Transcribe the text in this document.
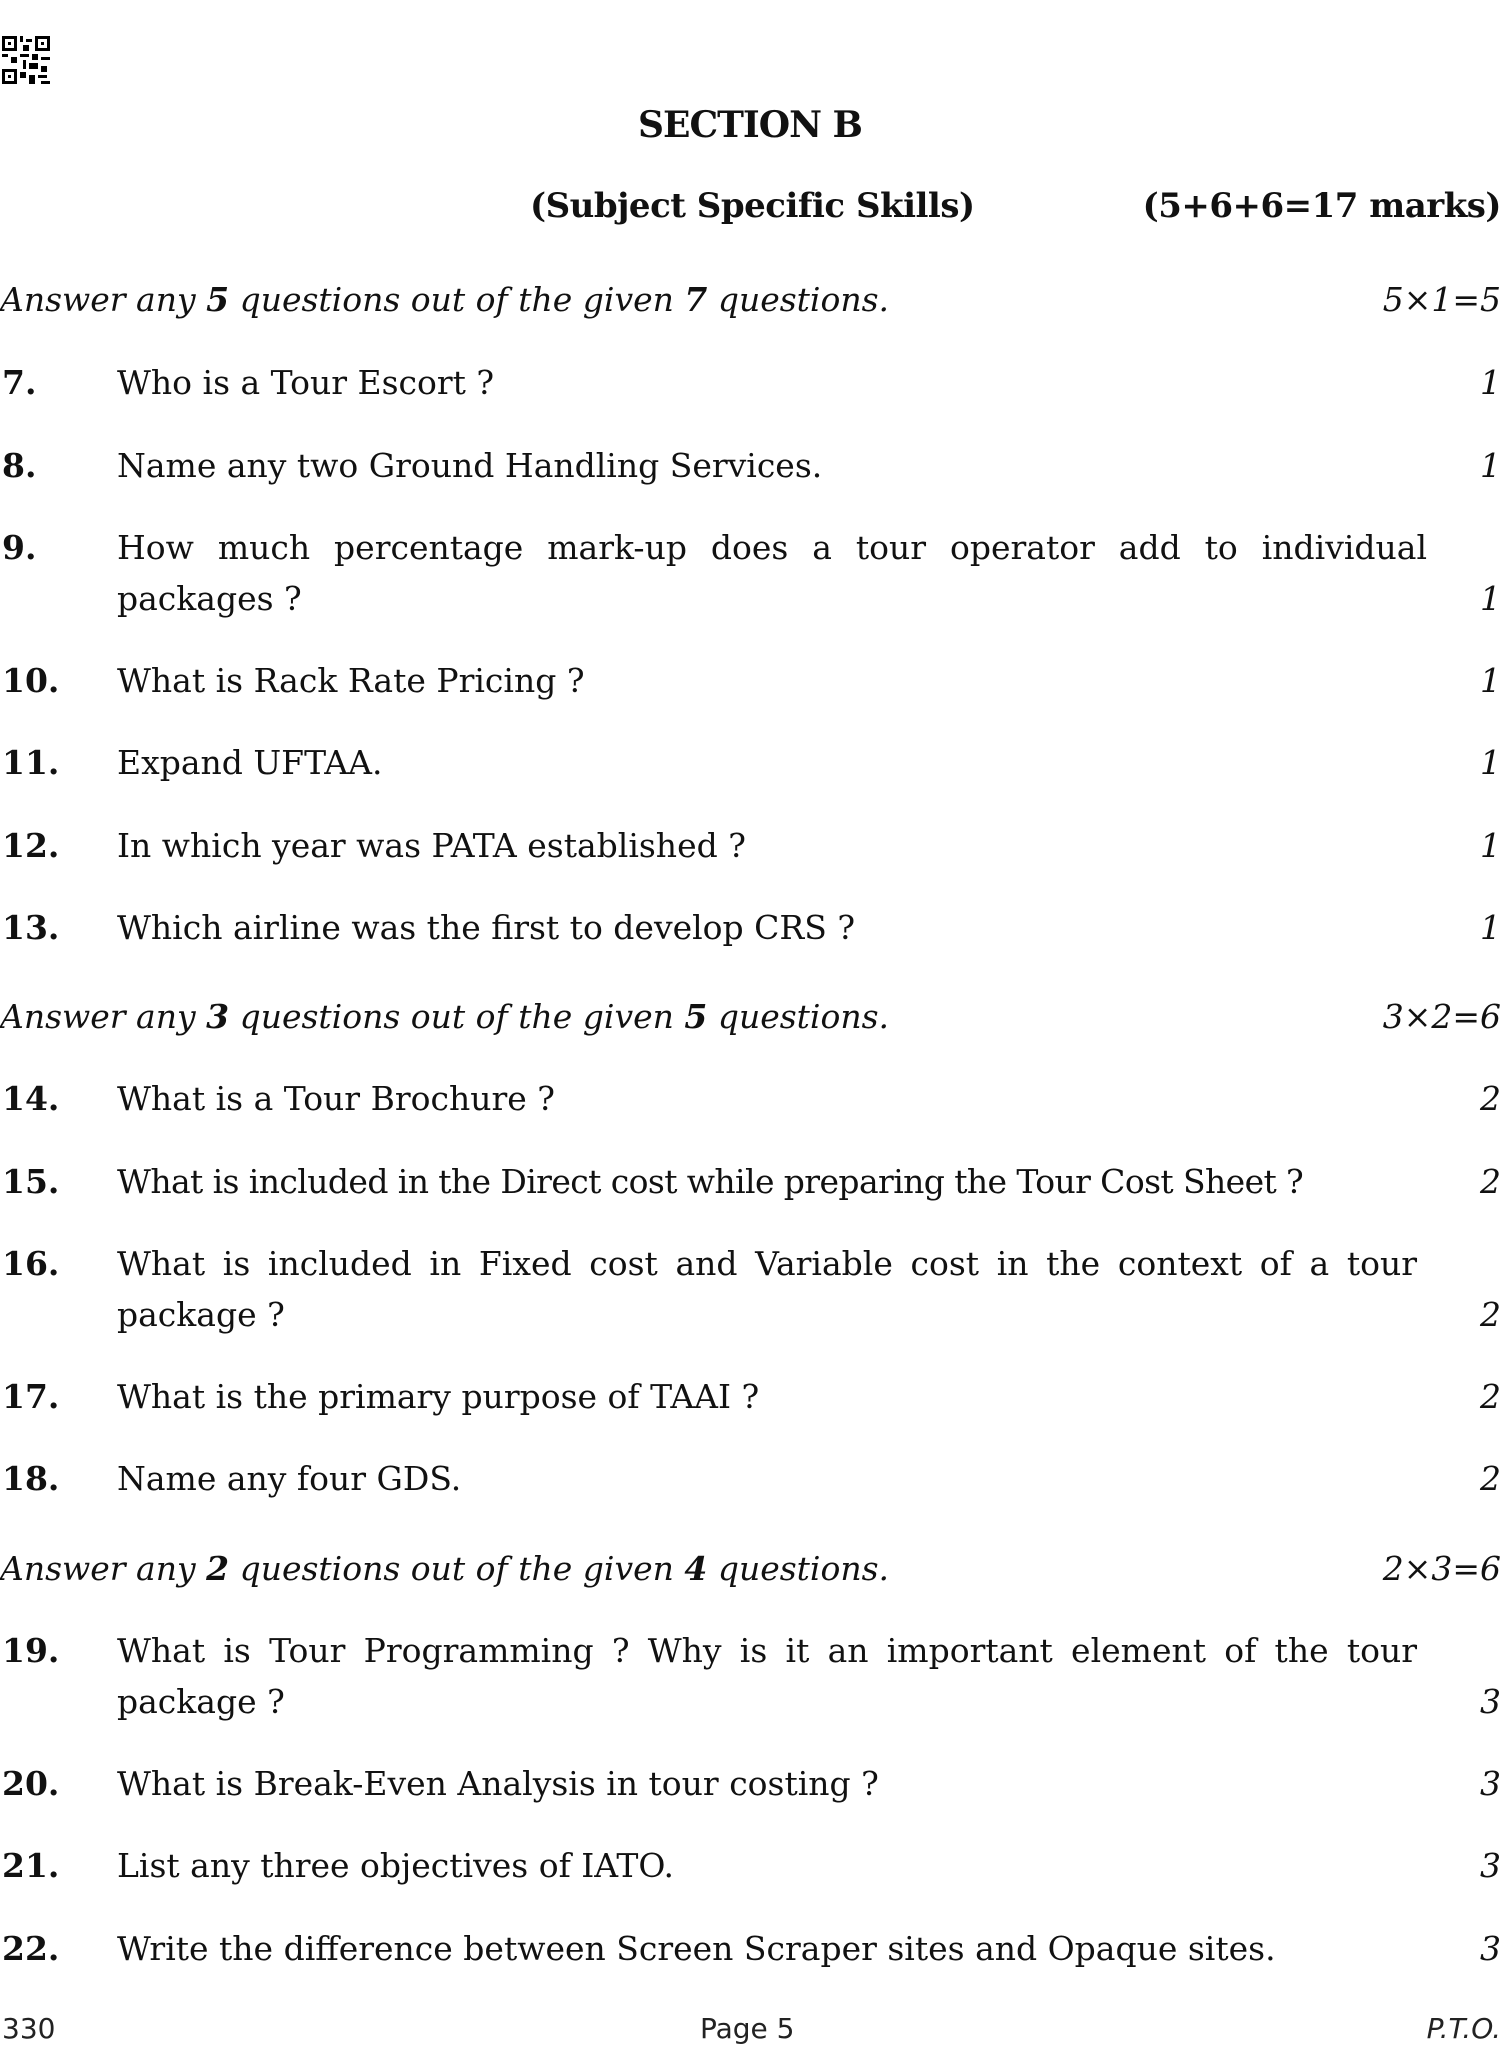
SECTION B
(Subject Specific Skills)	(5+6+6=17 marks)
Answer any 5 questions out of the given 7 questions.	5×1=5
7. Who is a Tour Escort ?	1
8. Name any two Ground Handling Services.	1
9. How much percentage mark-up does a tour operator add to individual packages ?	1
10. What is Rack Rate Pricing ?	1
11. Expand UFTAA.	1
12. In which year was PATA established ?	1
13. Which airline was the first to develop CRS ?	1
Answer any 3 questions out of the given 5 questions.	3×2=6
14. What is a Tour Brochure ?	2
15. What is included in the Direct cost while preparing the Tour Cost Sheet ?	2
16. What is included in Fixed cost and Variable cost in the context of a tour package ?	2
17. What is the primary purpose of TAAI ?	2
18. Name any four GDS.	2
Answer any 2 questions out of the given 4 questions.	2×3=6
19. What is Tour Programming ? Why is it an important element of the tour package ?	3
20. What is Break-Even Analysis in tour costing ?	3
21. List any three objectives of IATO.	3
22. Write the difference between Screen Scraper sites and Opaque sites.	3
330	Page 5	P.T.O.
